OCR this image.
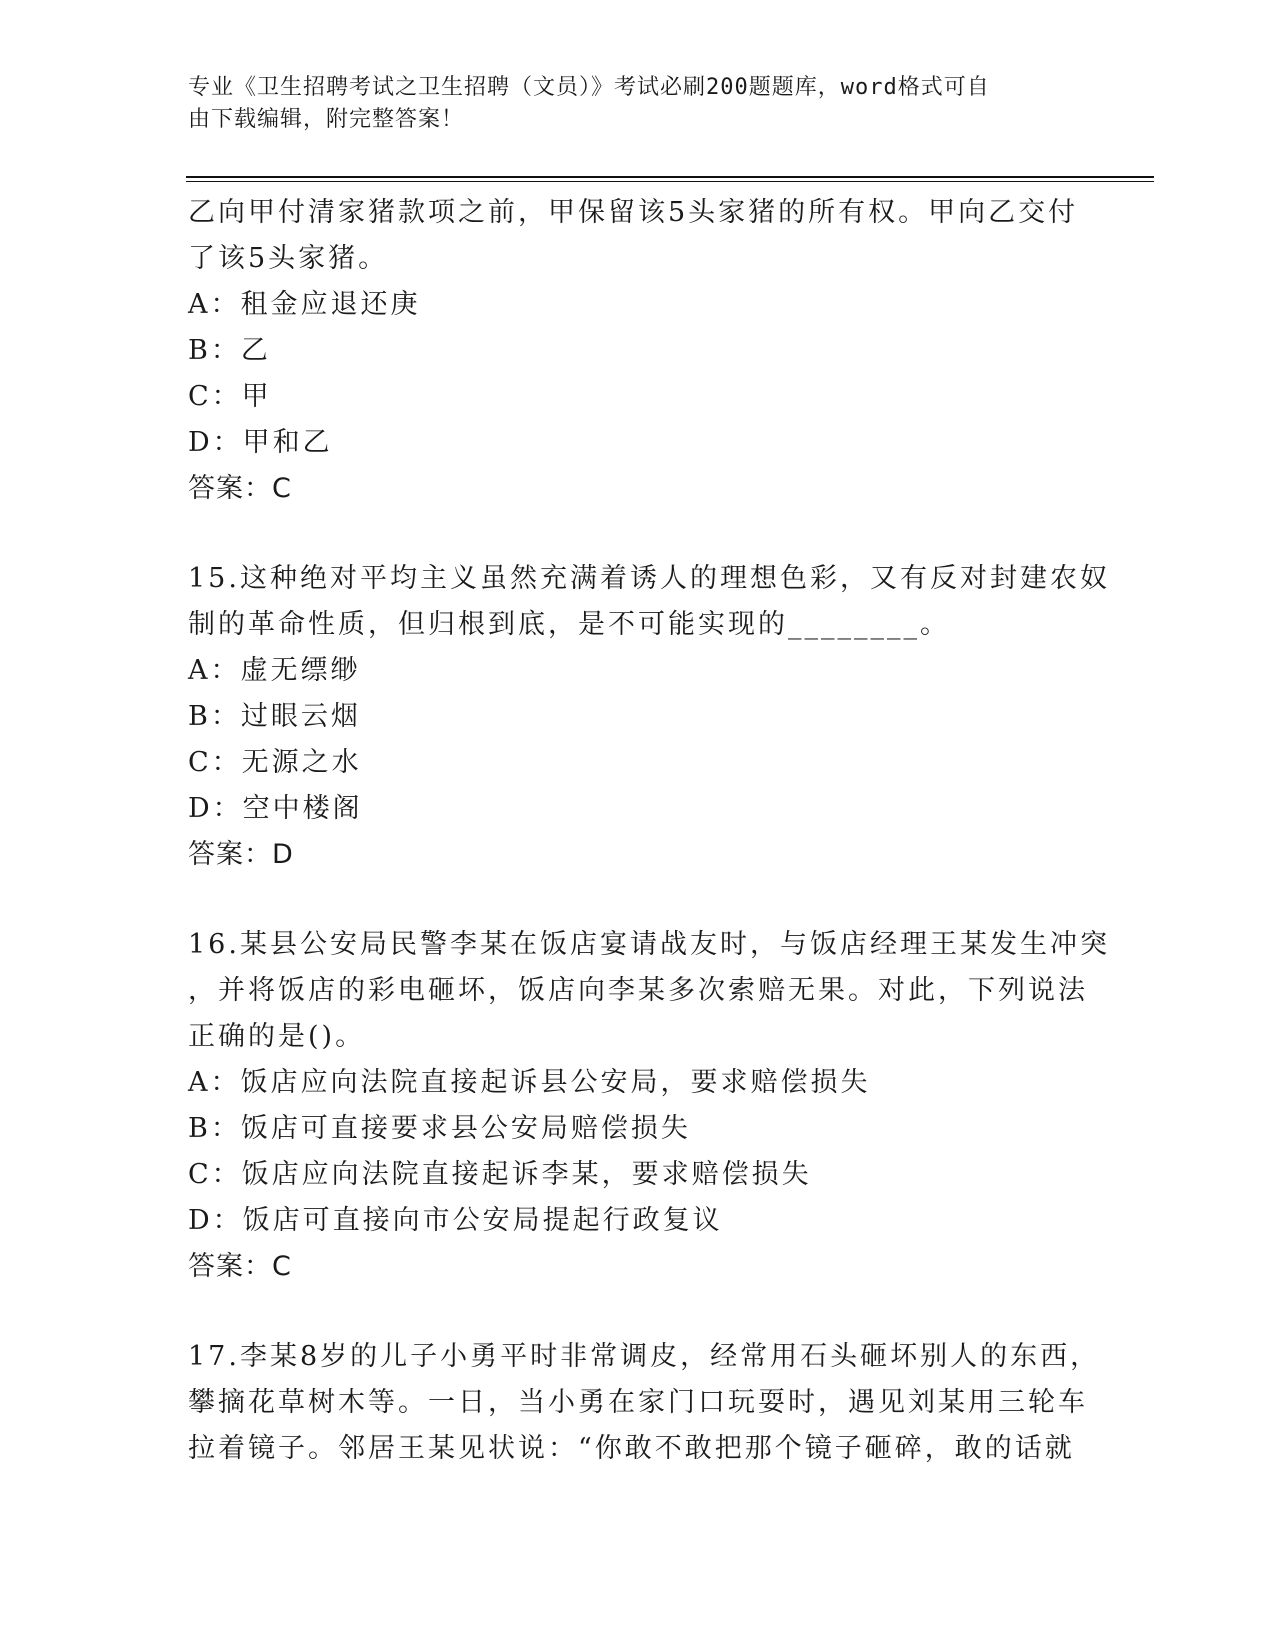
专业《卫生招聘考试之卫生招聘（文员）》考试必刷200题题库，word格式可自
由下载编辑，附完整答案！
乙向甲付清家猪款项之前，甲保留该5头家猪的所有权。甲向乙交付
了该5头家猪。
A：租金应退还庚
B：乙
C：甲
D：甲和乙
答案：C
15.这种绝对平均主义虽然充满着诱人的理想色彩，又有反对封建农奴
制的革命性质，但归根到底，是不可能实现的________。
A：虚无缥缈
B：过眼云烟
C：无源之水
D：空中楼阁
答案：D
16.某县公安局民警李某在饭店宴请战友时，与饭店经理王某发生冲突
，并将饭店的彩电砸坏，饭店向李某多次索赔无果。对此，下列说法
正确的是()。
A：饭店应向法院直接起诉县公安局，要求赔偿损失
B：饭店可直接要求县公安局赔偿损失
C：饭店应向法院直接起诉李某，要求赔偿损失
D：饭店可直接向市公安局提起行政复议
答案：C
17.李某8岁的儿子小勇平时非常调皮，经常用石头砸坏别人的东西，
攀摘花草树木等。一日，当小勇在家门口玩耍时，遇见刘某用三轮车
拉着镜子。邻居王某见状说：“你敢不敢把那个镜子砸碎，敢的话就
